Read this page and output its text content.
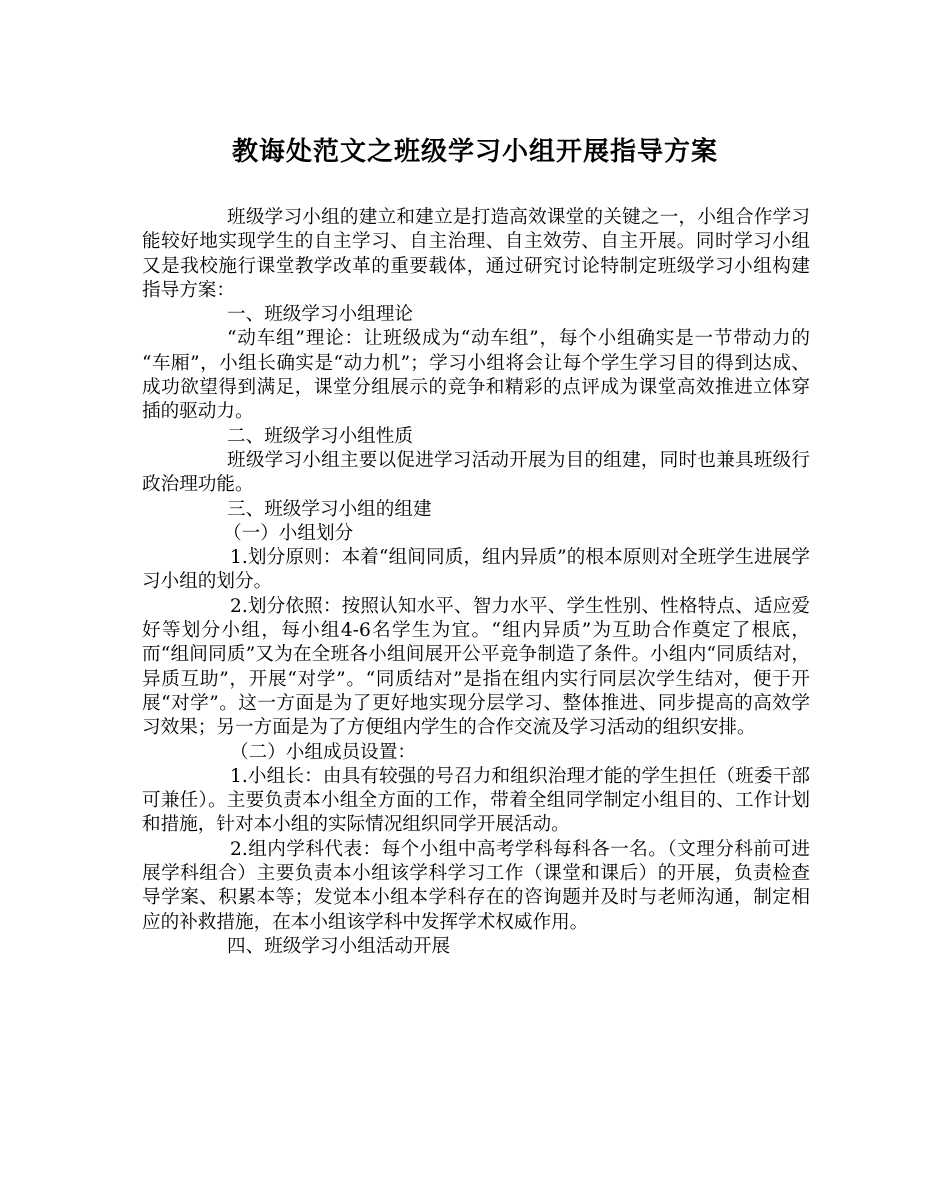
教诲处范文之班级学习小组开展指导方案

班级学习小组的建立和建立是打造高效课堂的关键之一，小组合作学习能较好地实现学生的自主学习、自主治理、自主效劳、自主开展。同时学习小组又是我校施行课堂教学改革的重要载体，通过研究讨论特制定班级学习小组构建指导方案：

一、班级学习小组理论

“动车组”理论：让班级成为“动车组”，每个小组确实是一节带动力的 “车厢”，小组长确实是“动力机”；学习小组将会让每个学生学习目的得到达成、成功欲望得到满足，课堂分组展示的竞争和精彩的点评成为课堂高效推进立体穿插的驱动力。

二、班级学习小组性质

班级学习小组主要以促进学习活动开展为目的组建，同时也兼具班级行政治理功能。

三、班级学习小组的组建

（一）小组划分

1.划分原则：本着“组间同质，组内异质”的根本原则对全班学生进展学习小组的划分。

2.划分依照：按照认知水平、智力水平、学生性别、性格特点、适应爱好等划分小组，每小组4-6名学生为宜。“组内异质”为互助合作奠定了根底，而“组间同质”又为在全班各小组间展开公平竞争制造了条件。小组内“同质结对，异质互助”，开展“对学”。“同质结对”是指在组内实行同层次学生结对，便于开展“对学”。这一方面是为了更好地实现分层学习、整体推进、同步提高的高效学习效果；另一方面是为了方便组内学生的合作交流及学习活动的组织安排。

（二）小组成员设置：

1.小组长：由具有较强的号召力和组织治理才能的学生担任（班委干部可兼任）。主要负责本小组全方面的工作，带着全组同学制定小组目的、工作计划和措施，针对本小组的实际情况组织同学开展活动。

2.组内学科代表：每个小组中高考学科每科各一名。（文理分科前可进展学科组合）主要负责本小组该学科学习工作（课堂和课后）的开展，负责检查导学案、积累本等；发觉本小组本学科存在的咨询题并及时与老师沟通，制定相应的补救措施，在本小组该学科中发挥学术权威作用。

四、班级学习小组活动开展
